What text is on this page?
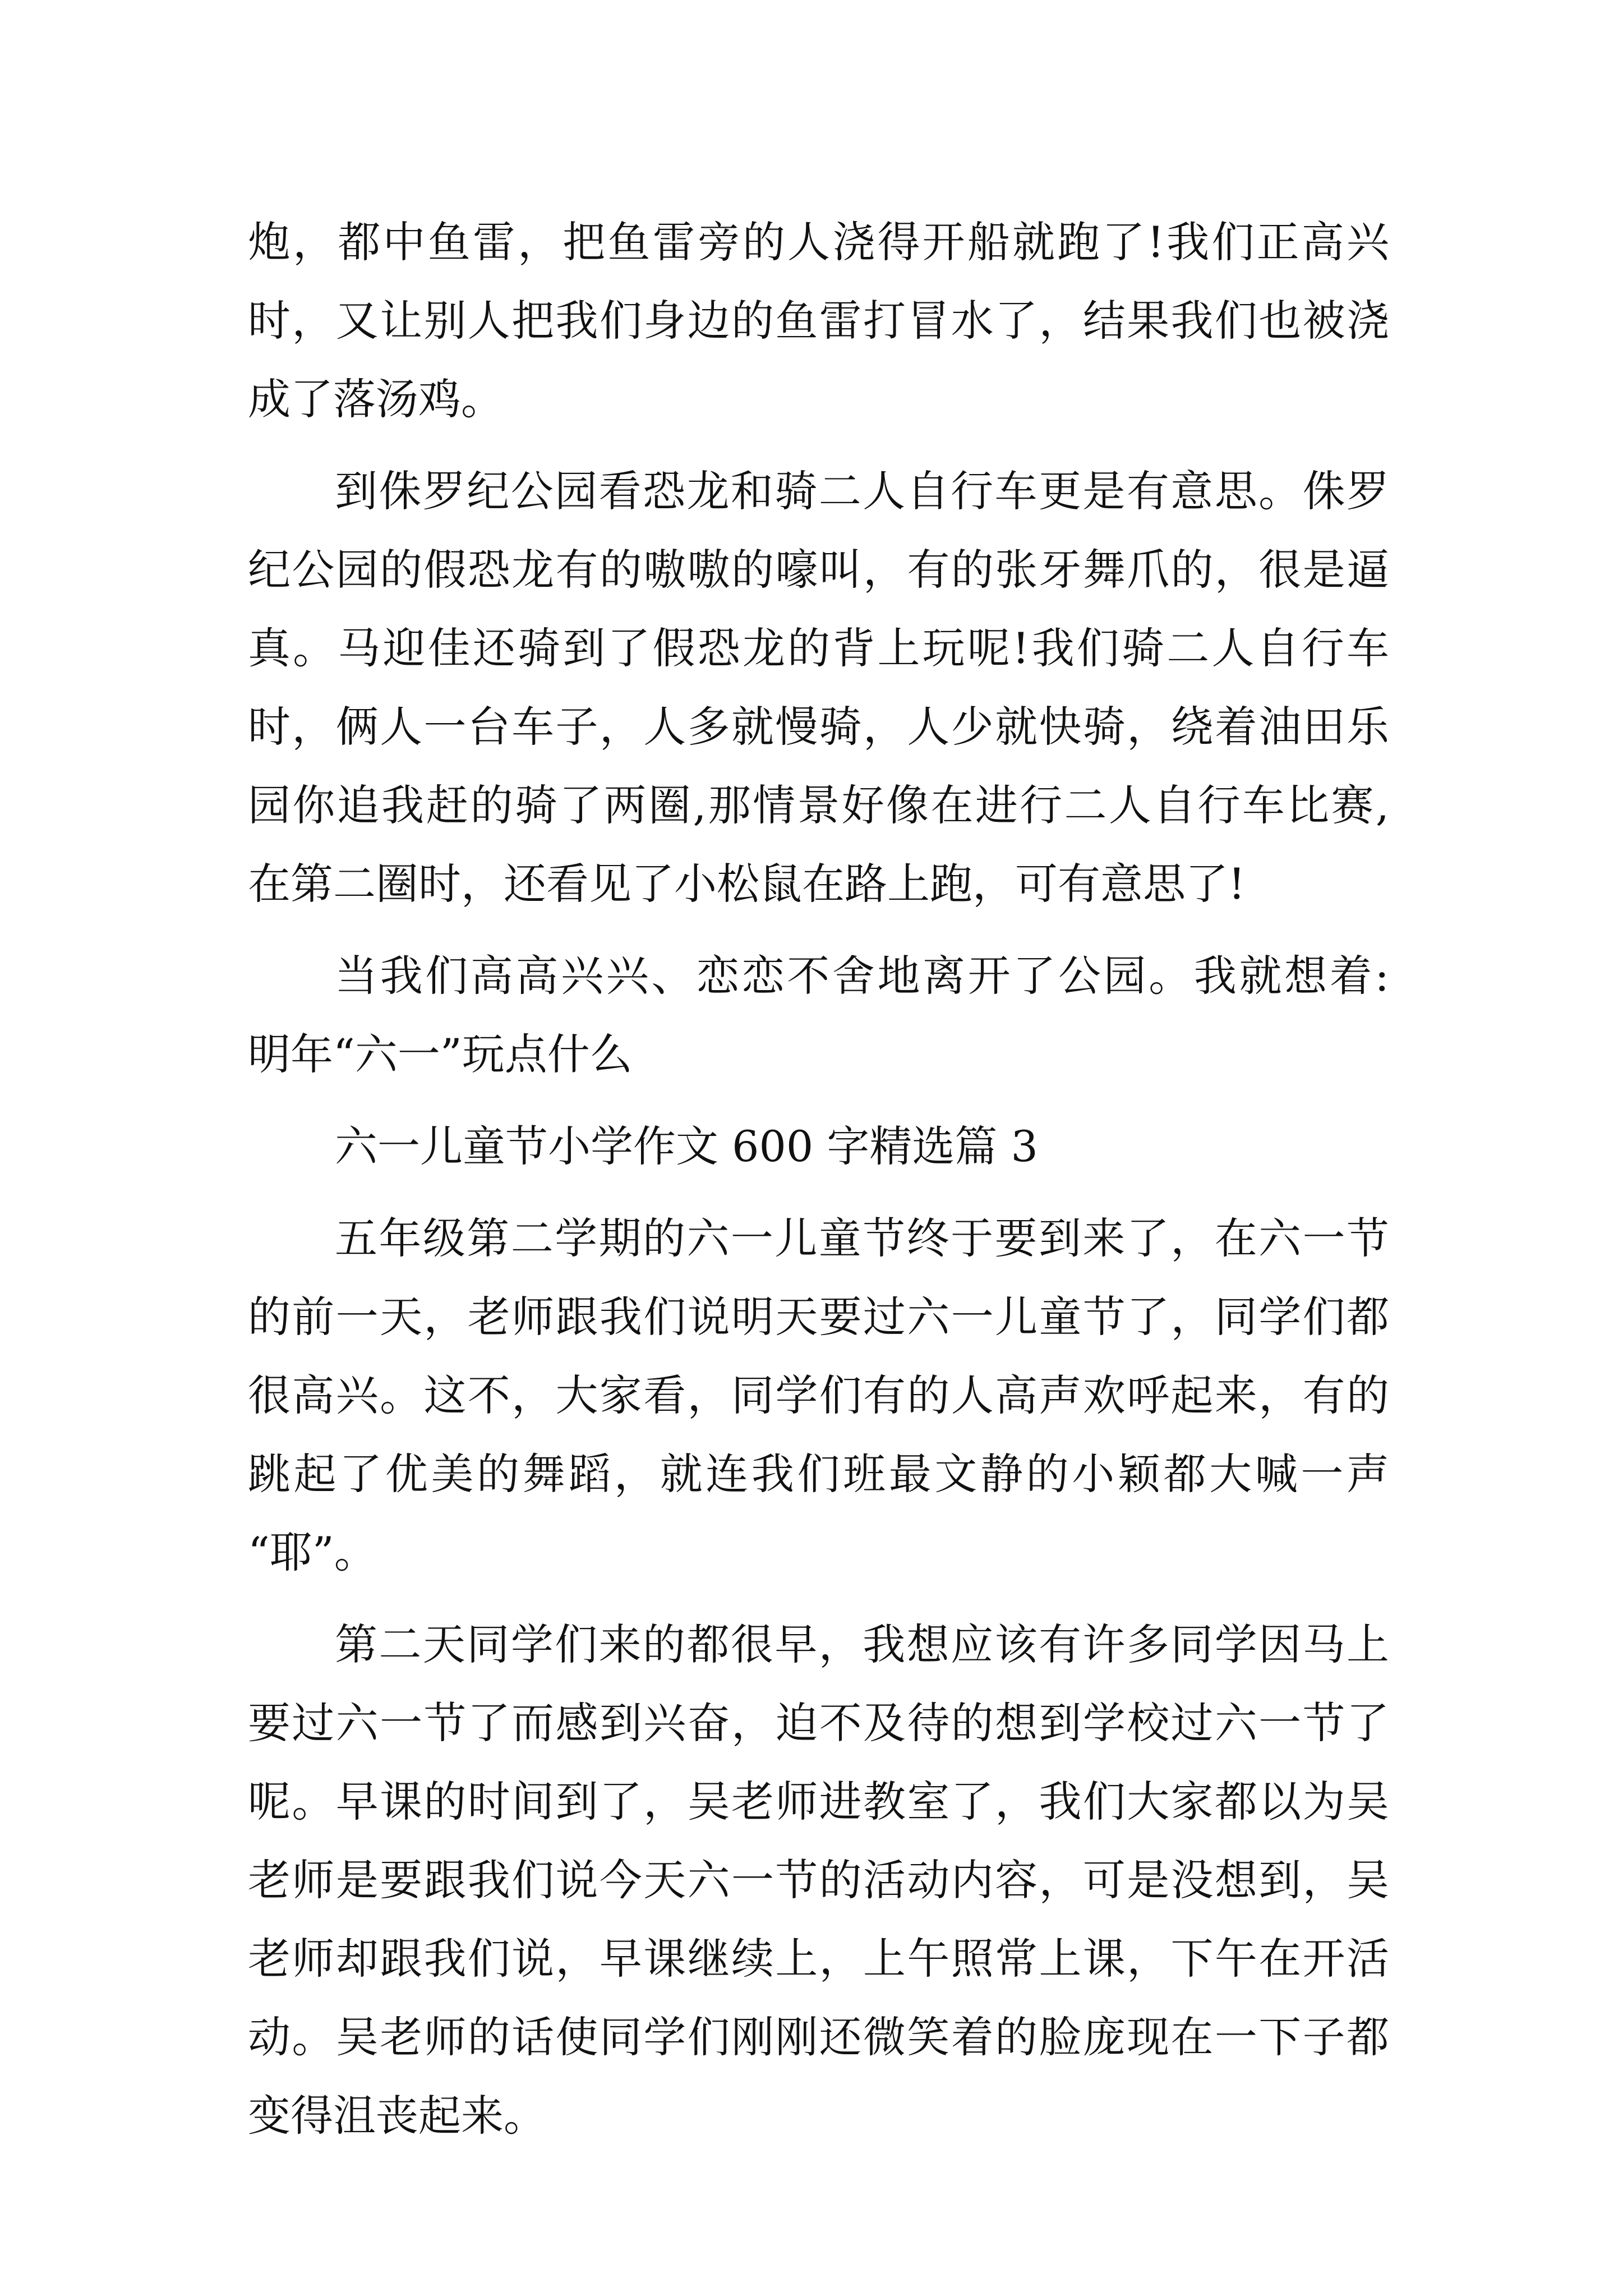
炮，都中鱼雷，把鱼雷旁的人浇得开船就跑了!我们正高兴
时，又让别人把我们身边的鱼雷打冒水了，结果我们也被浇
成了落汤鸡。
到侏罗纪公园看恐龙和骑二人自行车更是有意思。侏罗
纪公园的假恐龙有的嗷嗷的嚎叫，有的张牙舞爪的，很是逼
真。马迎佳还骑到了假恐龙的背上玩呢!我们骑二人自行车
时，俩人一台车子，人多就慢骑，人少就快骑，绕着油田乐
园你追我赶的骑了两圈,那情景好像在进行二人自行车比赛,
在第二圈时，还看见了小松鼠在路上跑，可有意思了!
当我们高高兴兴、恋恋不舍地离开了公园。我就想着:
明年“六一”玩点什么
六一儿童节小学作文 600 字精选篇 3
五年级第二学期的六一儿童节终于要到来了，在六一节
的前一天，老师跟我们说明天要过六一儿童节了，同学们都
很高兴。这不，大家看，同学们有的人高声欢呼起来，有的
跳起了优美的舞蹈，就连我们班最文静的小颖都大喊一声
“耶”。
第二天同学们来的都很早，我想应该有许多同学因马上
要过六一节了而感到兴奋，迫不及待的想到学校过六一节了
呢。早课的时间到了，吴老师进教室了，我们大家都以为吴
老师是要跟我们说今天六一节的活动内容，可是没想到，吴
老师却跟我们说，早课继续上，上午照常上课，下午在开活
动。吴老师的话使同学们刚刚还微笑着的脸庞现在一下子都
变得沮丧起来。
